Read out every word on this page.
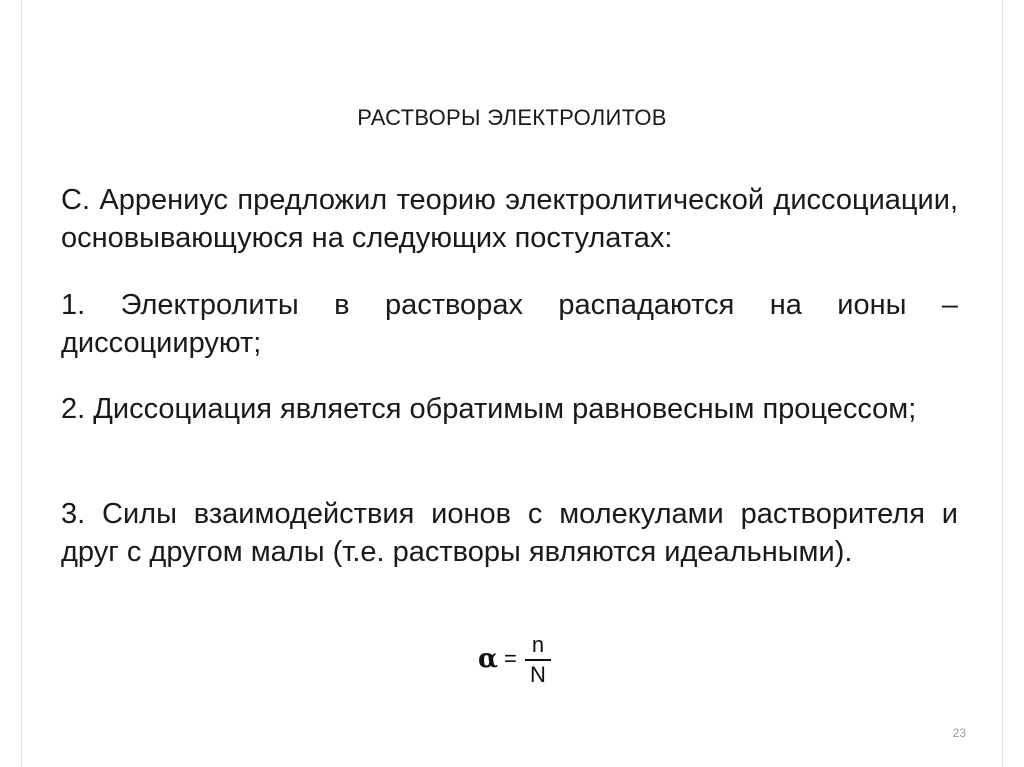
РАСТВОРЫ ЭЛЕКТРОЛИТОВ
С. Аррениус предложил теорию электролитической диссоциации, основывающуюся на следующих постулатах:
1. Электролиты в растворах распадаются на ионы – диссоциируют;
2. Диссоциация является обратимым равновесным процессом;
3. Силы взаимодействия ионов с молекулами растворителя и друг с другом малы (т.е. растворы являются идеальными).
α =
n
N
23
